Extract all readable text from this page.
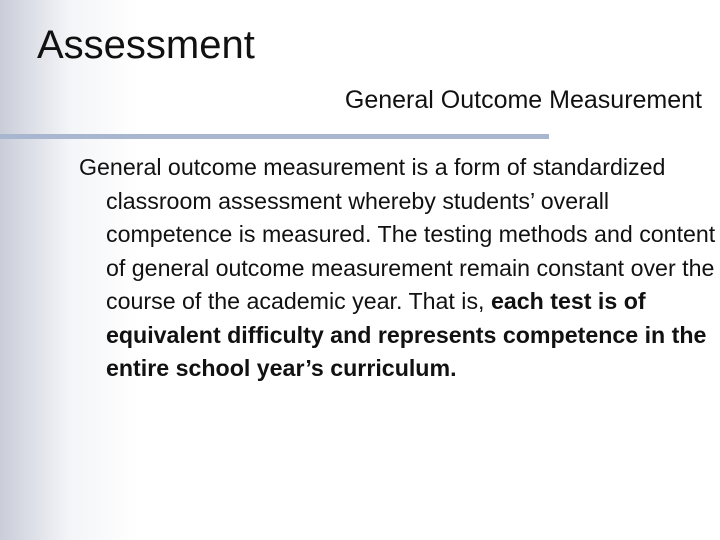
Assessment
General Outcome Measurement

General outcome measurement is a form of standardized classroom assessment whereby students’ overall competence is measured. The testing methods and content of general outcome measurement remain constant over the course of the academic year. That is, each test is of equivalent difficulty and represents competence in the entire school year’s curriculum.
